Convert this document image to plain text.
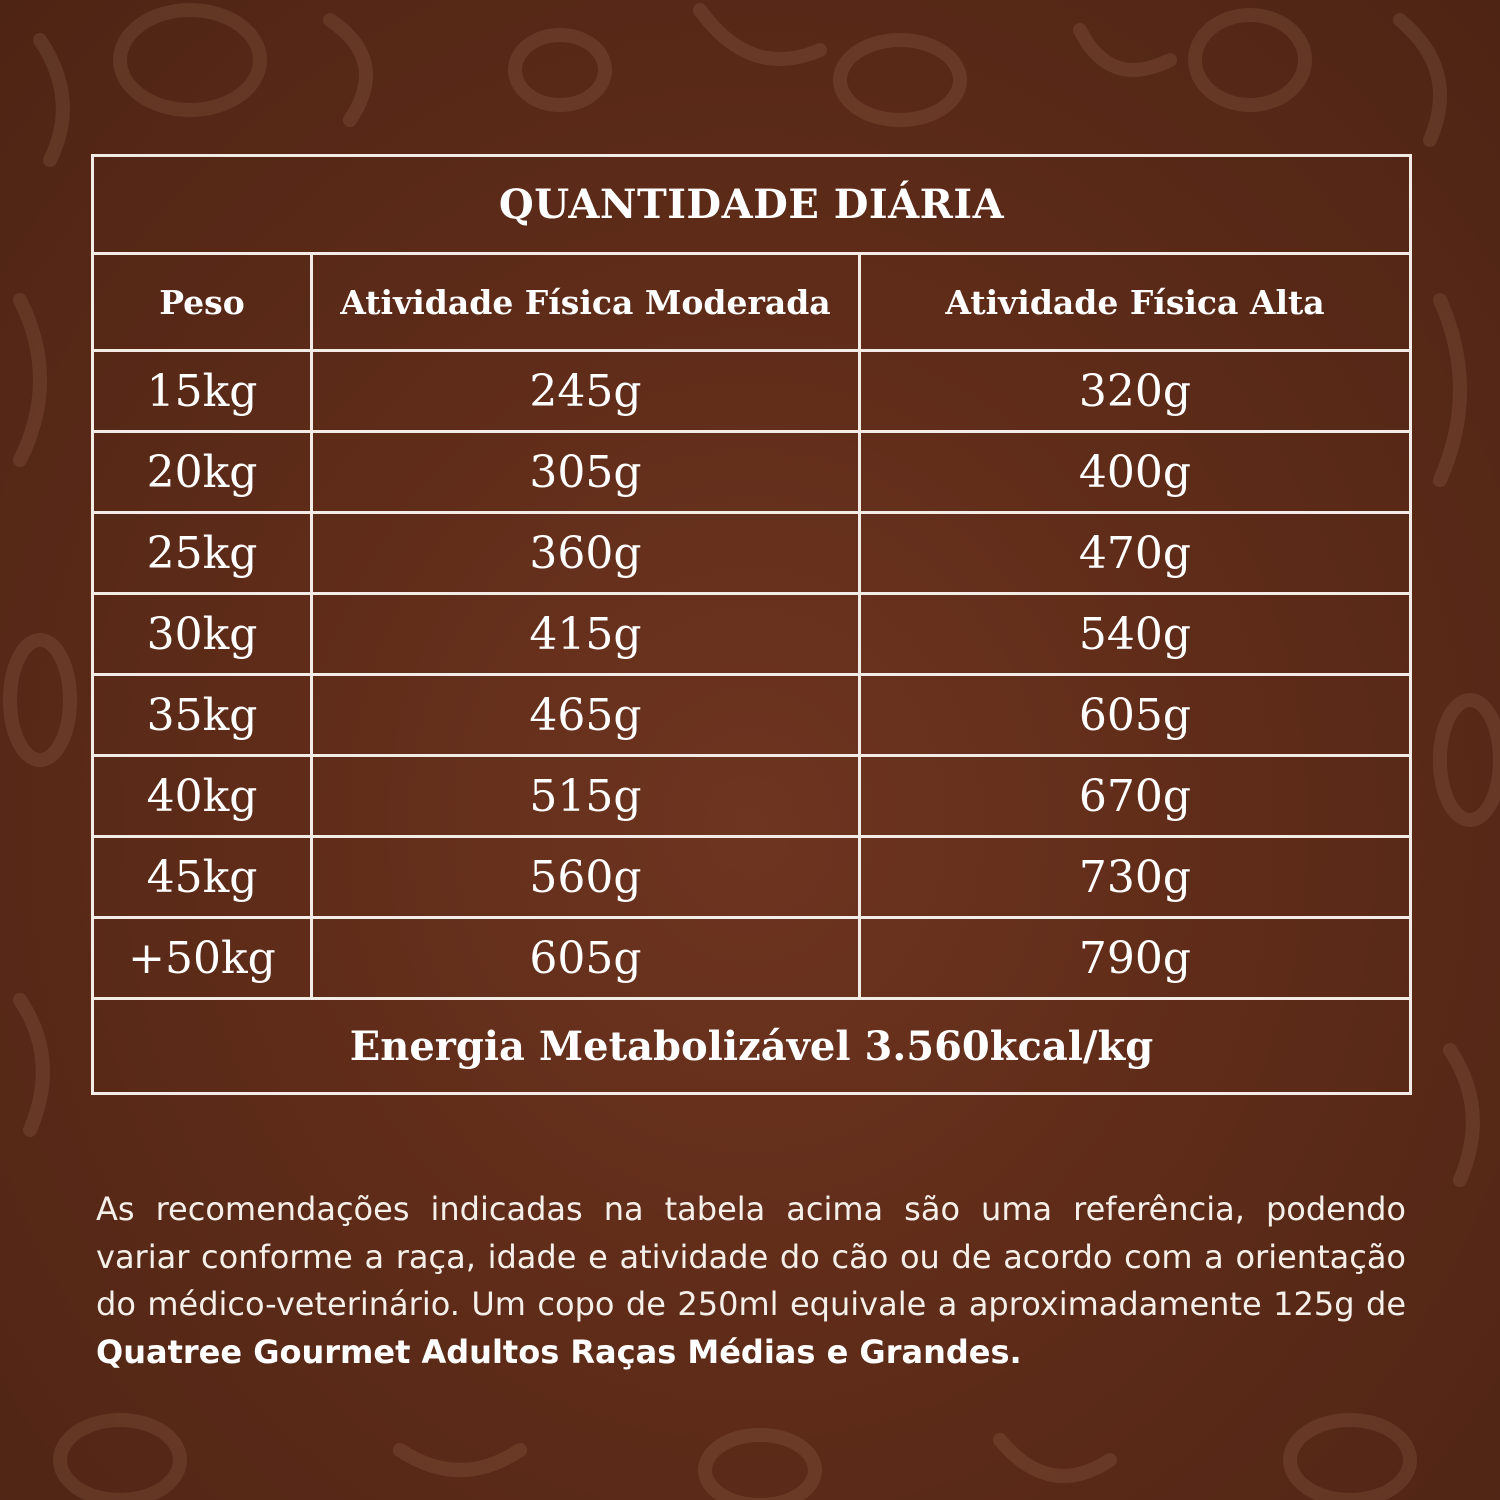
QUANTIDADE DIÁRIA		
Peso	Atividade Física Moderada	Atividade Física Alta
15kg	245g	320g
20kg	305g	400g
25kg	360g	470g
30kg	415g	540g
35kg	465g	605g
40kg	515g	670g
45kg	560g	730g
+50kg	605g	790g
Energia Metabolizável 3.560kcal/kg		

As recomendações indicadas na tabela acima são uma referência, podendo variar conforme a raça, idade e atividade do cão ou de acordo com a orientação do médico-veterinário. Um copo de 250ml equivale a aproximadamente 125g de Quatree Gourmet Adultos Raças Médias e Grandes.
